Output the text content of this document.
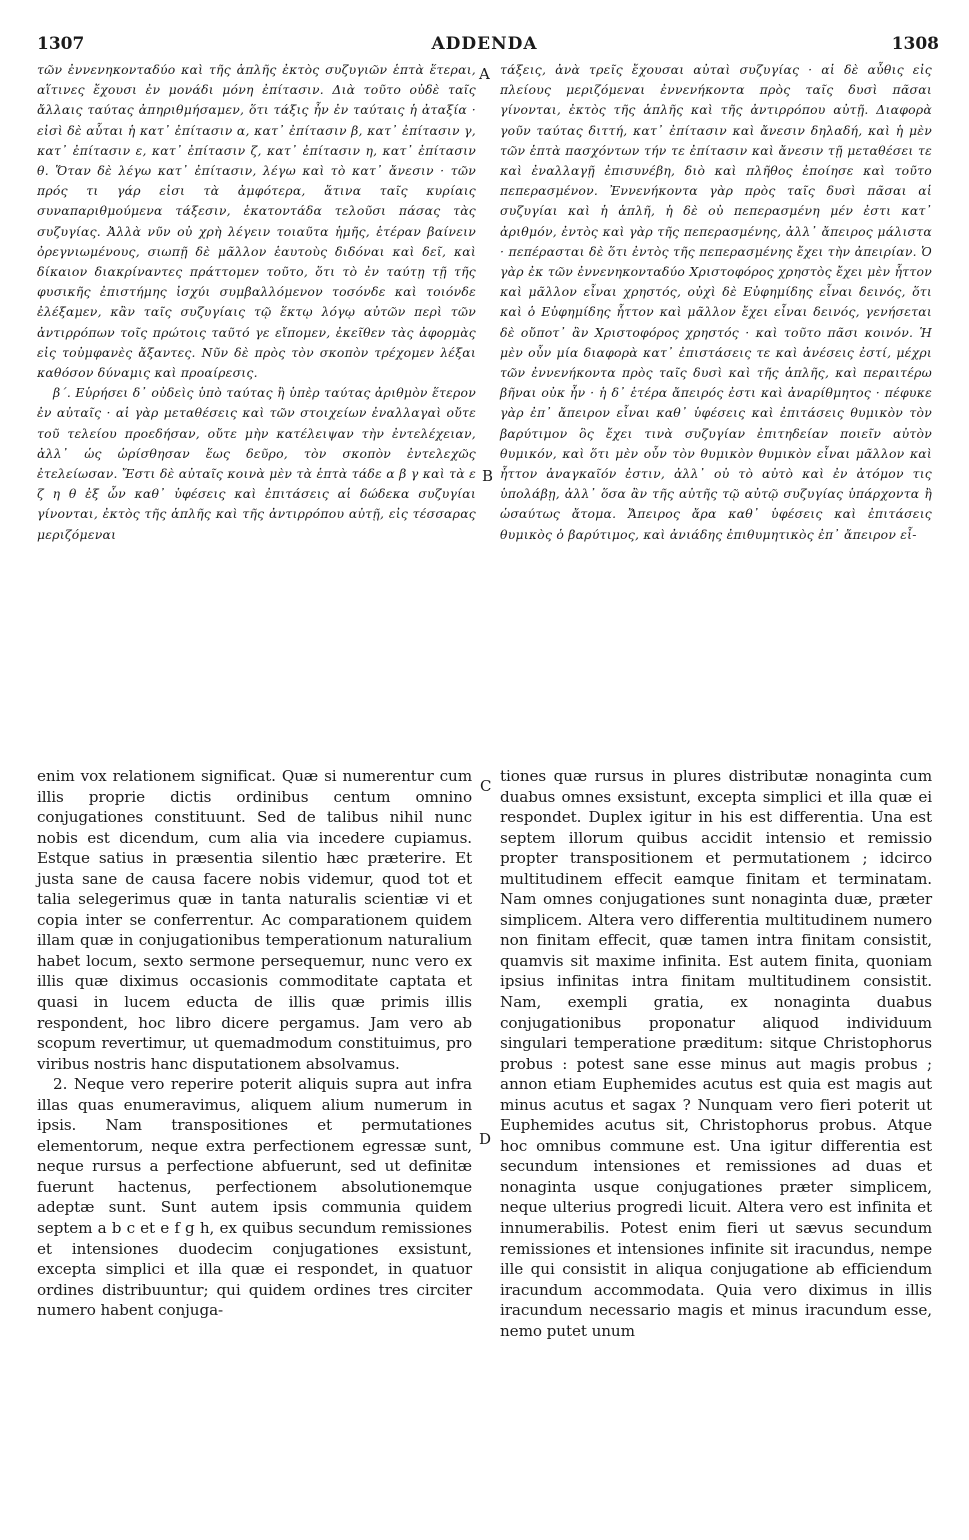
1307	ADDENDA	1308

τῶν ἐννενηκονταδύο καὶ τῆς ἁπλῆς ἐκτὸς συζυγιῶν ἑπτὰ ἕτεραι, αἵτινες ἔχουσι ἐν μονάδι μόνη ἐπίτασιν. Διὰ τοῦτο οὐδὲ ταῖς ἄλλαις ταύτας ἀπηριθμήσαμεν, ὅτι τάξις ἦν ἐν ταύταις ἡ ἀταξία · εἰσὶ δὲ αὗται ἡ κατ᾿ ἐπίτασιν α, κατ᾿ ἐπίτασιν β, κατ᾿ ἐπίτασιν γ, κατ᾿ ἐπίτασιν ε, κατ᾿ ἐπίτασιν ζ, κατ᾿ ἐπίτασιν η, κατ᾿ ἐπίτασιν θ. Ὅταν δὲ λέγω κατ᾿ ἐπίτασιν, λέγω καὶ τὸ κατ᾿ ἄνεσιν · τῶν πρός τι γάρ εἰσι τὰ ἀμφότερα, ἅτινα ταῖς κυρίαις συναπαριθμούμενα τάξεσιν, ἑκατοντάδα τελοῦσι πάσας τὰς συζυγίας. Ἀλλὰ νῦν οὐ χρὴ λέγειν τοιαῦτα ἡμῆς, ἑτέραν βαίνειν ὀρεγνιωμένους, σιωπῇ δὲ μᾶλλον ἑαυτοὺς διδόναι καὶ δεῖ, καὶ δίκαιον διακρίναντες πράττομεν τοῦτο, ὅτι τὸ ἐν ταύτῃ τῇ τῆς φυσικῆς ἐπιστήμης ἰσχύι συμβαλλόμενον τοσόνδε καὶ τοιόνδε ἐλέξαμεν, κἂν ταῖς συζυγίαις τῷ ἕκτῳ λόγῳ αὐτῶν περὶ τῶν ἀντιρρόπων τοῖς πρώτοις ταῦτό γε εἴπομεν, ἐκεῖθεν τὰς ἀφορμὰς εἰς τοὐμφανὲς ἄξαντες. Νῦν δὲ πρὸς τὸν σκοπὸν τρέχομεν λέξαι καθόσον δύναμις καὶ προαίρεσις.

β΄. Εὑρήσει δ᾿ οὐδεὶς ὑπὸ ταύτας ἢ ὑπὲρ ταύτας ἀριθμὸν ἕτερον ἐν αὐταῖς · αἱ γὰρ μεταθέσεις καὶ τῶν στοιχείων ἐναλλαγαὶ οὔτε τοῦ τελείου προεδήσαν, οὔτε μὴν κατέλειψαν τὴν ἐντελέχειαν, ἀλλ᾿ ὡς ὡρίσθησαν ἕως δεῦρο, τὸν σκοπὸν ἐντελεχῶς ἐτελείωσαν. Ἔστι δὲ αὐταῖς κοινὰ μὲν τὰ ἑπτὰ τάδε α β γ καὶ τὰ ε ζ η θ ἐξ ὧν καθ᾿ ὑφέσεις καὶ ἐπιτάσεις αἱ δώδεκα συζυγίαι γίνονται, ἐκτὸς τῆς ἁπλῆς καὶ τῆς ἀντιρρόπου αὐτῇ, εἰς τέσσαρας μεριζόμεναι

τάξεις, ἀνὰ τρεῖς ἔχουσαι αὐταὶ συζυγίας · αἱ δὲ αὖθις εἰς πλείους μεριζόμεναι ἐννενήκοντα πρὸς ταῖς δυσὶ πᾶσαι γίνονται, ἐκτὸς τῆς ἁπλῆς καὶ τῆς ἀντιρρόπου αὐτῇ. Διαφορὰ γοῦν ταύτας διττή, κατ᾿ ἐπίτασιν καὶ ἄνεσιν δηλαδή, καὶ ἡ μὲν τῶν ἑπτὰ πασχόντων τήν τε ἐπίτασιν καὶ ἄνεσιν τῇ μεταθέσει τε καὶ ἐναλλαγῇ ἐπισυνέβη, διὸ καὶ πλῆθος ἐποίησε καὶ τοῦτο πεπερασμένον. Ἐννενήκοντα γὰρ πρὸς ταῖς δυσὶ πᾶσαι αἱ συζυγίαι καὶ ἡ ἁπλῆ, ἡ δὲ οὐ πεπερασμένη μέν ἐστι κατ᾿ ἀριθμόν, ἐντὸς καὶ γὰρ τῆς πεπερασμένης, ἀλλ᾿ ἄπειρος μάλιστα · πεπέρασται δὲ ὅτι ἐντὸς τῆς πεπερασμένης ἔχει τὴν ἀπειρίαν. Ὁ γὰρ ἐκ τῶν ἐννενηκονταδύο Χριστοφόρος χρηστὸς ἔχει μὲν ἧττον καὶ μᾶλλον εἶναι χρηστός, οὐχὶ δὲ Εὐφημίδης εἶναι δεινός, ὅτι καὶ ὁ Εὐφημίδης ἧττον καὶ μᾶλλον ἔχει εἶναι δεινός, γενήσεται δὲ οὔποτ᾿ ἂν Χριστοφόρος χρηστός · καὶ τοῦτο πᾶσι κοινόν. Ἡ μὲν οὖν μία διαφορὰ κατ᾿ ἐπιστάσεις τε καὶ ἀνέσεις ἐστί, μέχρι τῶν ἐννενήκοντα πρὸς ταῖς δυσὶ καὶ τῆς ἁπλῆς, καὶ περαιτέρω βῆναι οὐκ ἦν · ἡ δ᾿ ἑτέρα ἄπειρός ἐστι καὶ ἀναρίθμητος · πέφυκε γὰρ ἐπ᾿ ἄπειρον εἶναι καθ᾿ ὑφέσεις καὶ ἐπιτάσεις θυμικὸν τὸν βαρύτιμον ὃς ἔχει τινὰ συζυγίαν ἐπιτηδείαν ποιεῖν αὐτὸν θυμικόν, καὶ ὅτι μὲν οὖν τὸν θυμικὸν θυμικὸν εἶναι μᾶλλον καὶ ἧττον ἀναγκαῖόν ἐστιν, ἀλλ᾿ οὐ τὸ αὐτὸ καὶ ἐν ἀτόμον τις ὑπολάβῃ, ἀλλ᾿ ὅσα ἂν τῆς αὐτῆς τῷ αὐτῷ συζυγίας ὑπάρχοντα ἢ ὡσαύτως ἄτομα. Ἄπειρος ἄρα καθ᾿ ὑφέσεις καὶ ἐπιτάσεις θυμικὸς ὁ βαρύτιμος, καὶ ἀνιάδης ἐπιθυμητικὸς ἐπ᾿ ἄπειρον εἶ-

enim vox relationem significat. Quæ si numerentur cum illis proprie dictis ordinibus centum omnino conjugationes constituunt. Sed de talibus nihil nunc nobis est dicendum, cum alia via incedere cupiamus. Estque satius in præsentia silentio hæc præterire. Et justa sane de causa facere nobis videmur, quod tot et talia selegerimus quæ in tanta naturalis scientiæ vi et copia inter se conferrentur. Ac comparationem quidem illam quæ in conjugationibus temperationum naturalium habet locum, sexto sermone persequemur, nunc vero ex illis quæ diximus occasionis commoditate captata et quasi in lucem educta de illis quæ primis illis respondent, hoc libro dicere pergamus. Jam vero ab scopum revertimur, ut quemadmodum constituimus, pro viribus nostris hanc disputationem absolvamus.

2. Neque vero reperire poterit aliquis supra aut infra illas quas enumeravimus, aliquem alium numerum in ipsis. Nam transpositiones et permutationes elementorum, neque extra perfectionem egressæ sunt, neque rursus a perfectione abfuerunt, sed ut definitæ fuerunt hactenus, perfectionem absolutionemque adeptæ sunt. Sunt autem ipsis communia quidem septem a b c et e f g h, ex quibus secundum remissiones et intensiones duodecim conjugationes exsistunt, excepta simplici et illa quæ ei respondet, in quatuor ordines distribuuntur; qui quidem ordines tres circiter numero habent conjuga-

tiones quæ rursus in plures distributæ nonaginta cum duabus omnes exsistunt, excepta simplici et illa quæ ei respondet. Duplex igitur in his est differentia. Una est septem illorum quibus accidit intensio et remissio propter transpositionem et permutationem ; idcirco multitudinem effecit eamque finitam et terminatam. Nam omnes conjugationes sunt nonaginta duæ, præter simplicem. Altera vero differentia multitudinem numero non finitam effecit, quæ tamen intra finitam consistit, quamvis sit maxime infinita. Est autem finita, quoniam ipsius infinitas intra finitam multitudinem consistit. Nam, exempli gratia, ex nonaginta duabus conjugationibus proponatur aliquod individuum singulari temperatione præditum: sitque Christophorus probus : potest sane esse minus aut magis probus ; annon etiam Euphemides acutus est quia est magis aut minus acutus et sagax ? Nunquam vero fieri poterit ut Euphemides acutus sit, Christophorus probus. Atque hoc omnibus commune est. Una igitur differentia est secundum intensiones et remissiones ad duas et nonaginta usque conjugationes præter simplicem, neque ulterius progredi licuit. Altera vero est infinita et innumerabilis. Potest enim fieri ut sævus secundum remissiones et intensiones infinite sit iracundus, nempe ille qui consistit in aliqua conjugatione ab efficiendum iracundum accommodata. Quia vero diximus in illis iracundum necessario magis et minus iracundum esse, nemo putet unum

A
B
C
D
